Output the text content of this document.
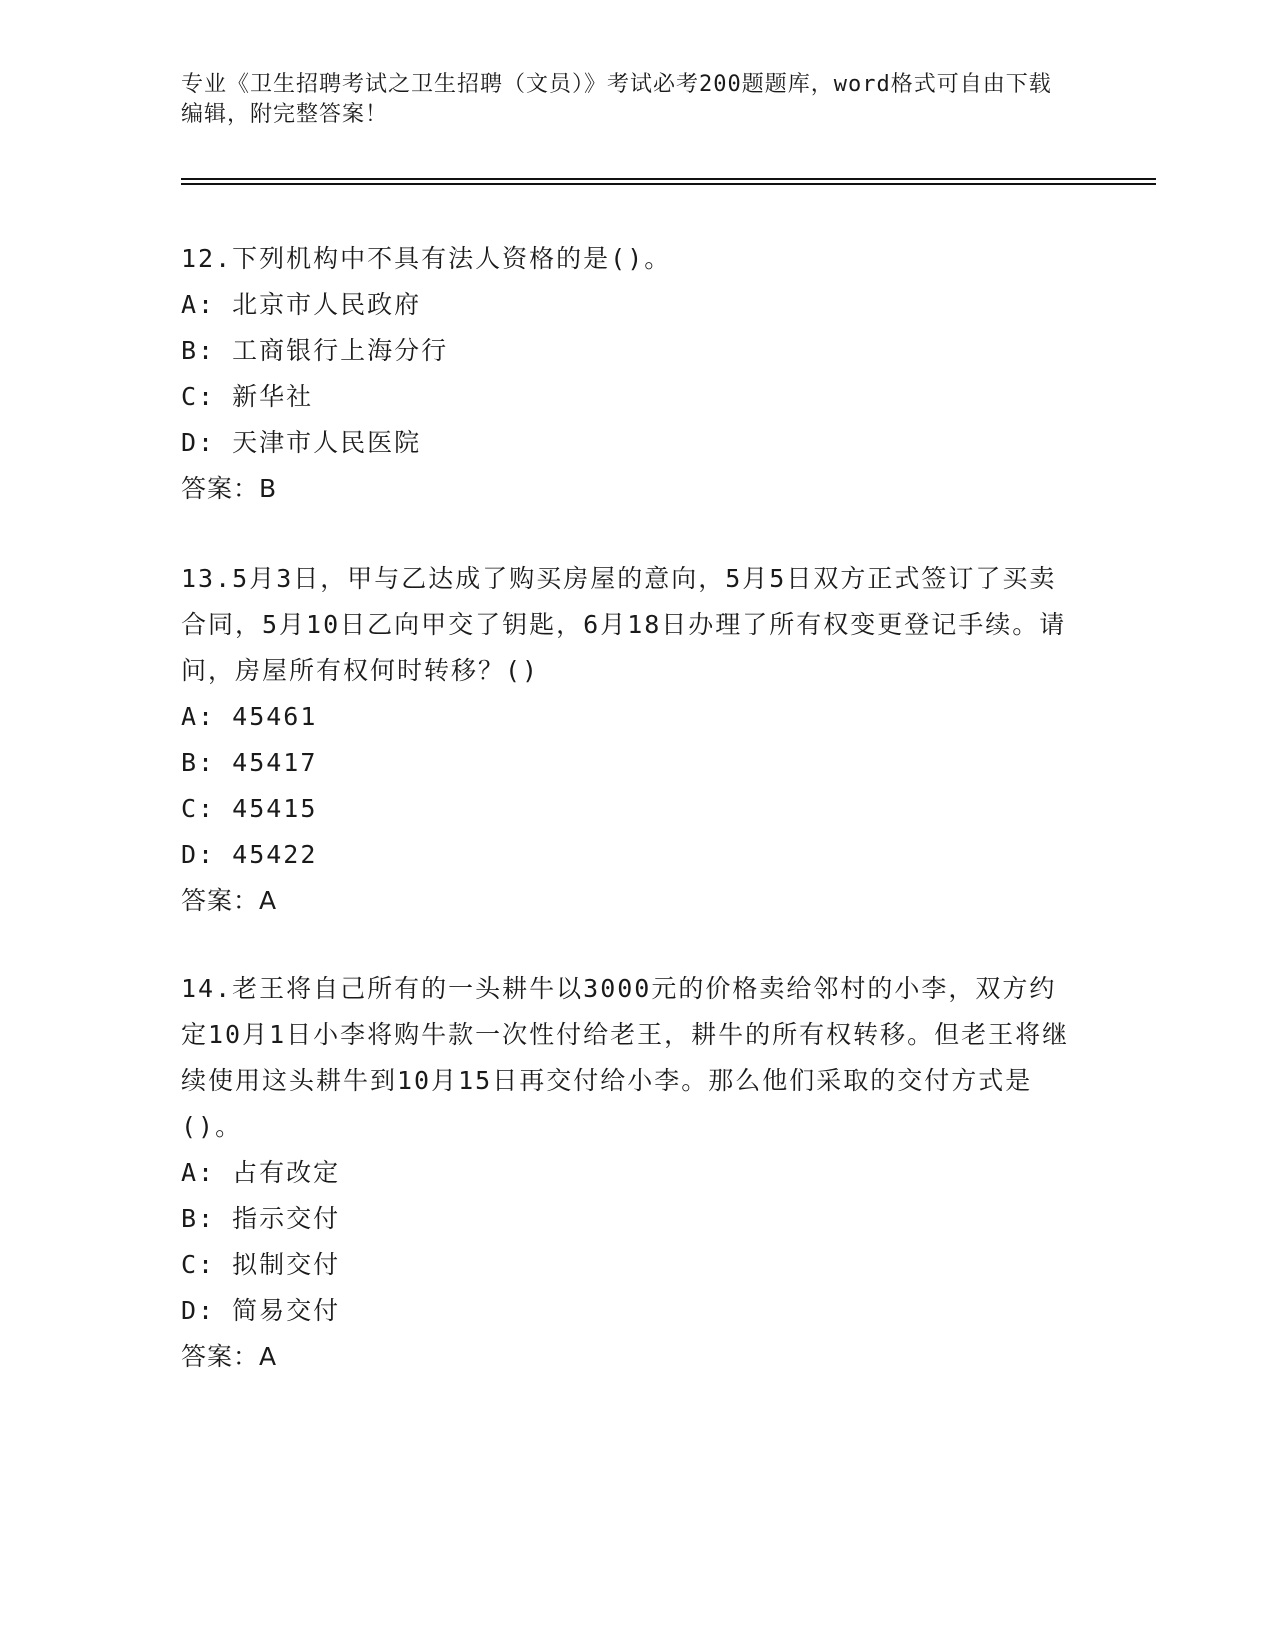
专业《卫生招聘考试之卫生招聘（文员）》考试必考200题题库，word格式可自由下载编辑，附完整答案！

12.下列机构中不具有法人资格的是()。

A: 北京市人民政府

B: 工商银行上海分行

C: 新华社

D: 天津市人民医院

答案：B

13.5月3日，甲与乙达成了购买房屋的意向，5月5日双方正式签订了买卖合同，5月10日乙向甲交了钥匙，6月18日办理了所有权变更登记手续。请问，房屋所有权何时转移？()

A: 45461

B: 45417

C: 45415

D: 45422

答案：A

14.老王将自己所有的一头耕牛以3000元的价格卖给邻村的小李，双方约定10月1日小李将购牛款一次性付给老王，耕牛的所有权转移。但老王将继续使用这头耕牛到10月15日再交付给小李。那么他们采取的交付方式是()。

A: 占有改定

B: 指示交付

C: 拟制交付

D: 简易交付

答案：A
